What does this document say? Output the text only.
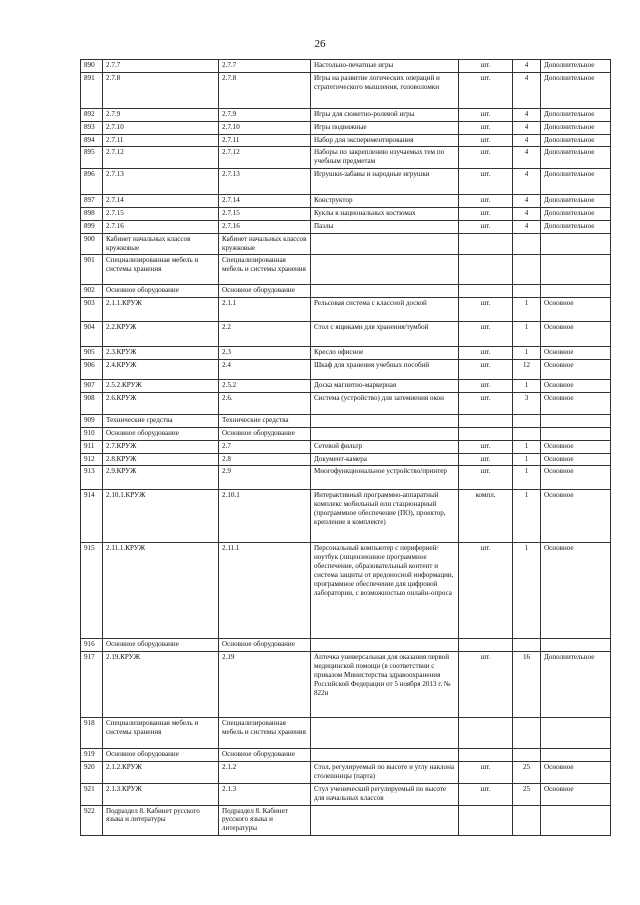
26
890	2.7.7	2.7.7	Настольно-печатные игры	шт.	4	Дополнительное
891	2.7.8	2.7.8	Игры на развитие логических операций и стратегического мышления, головоломки	шт.	4	Дополнительное
892	2.7.9	2.7.9	Игры для сюжетно-ролевой игры	шт.	4	Дополнительное
893	2.7.10	2.7.10	Игры подвижные	шт.	4	Дополнительное
894	2.7.11	2.7.11	Набор для экспериментирования	шт.	4	Дополнительное
895	2.7.12	2.7.12	Наборы по закреплению изучаемых тем по учебным предметам	шт.	4	Дополнительное
896	2.7.13	2.7.13	Игрушки-забавы и народные игрушки	шт.	4	Дополнительное
897	2.7.14	2.7.14	Конструктор	шт.	4	Дополнительное
898	2.7.15	2.7.15	Куклы в национальных костюмах	шт.	4	Дополнительное
899	2.7.16	2.7.16	Пазлы	шт.	4	Дополнительное
900	Кабинет начальных классов кружковые	Кабинет начальных классов кружковые				
901	Специализированная мебель и системы хранения	Специализированная мебель и системы хранения				
902	Основное оборудование	Основное оборудование				
903	2.1.1.КРУЖ	2.1.1	Рельсовая система с классной доской	шт.	1	Основное
904	2.2.КРУЖ	2.2	Стол с ящиками для хранения/тумбой	шт.	1	Основное
905	2.3.КРУЖ	2.3	Кресло офисное	шт.	1	Основное
906	2.4.КРУЖ	2.4	Шкаф для хранения учебных пособий	шт.	12	Основное
907	2.5.2.КРУЖ	2.5.2	Доска магнитно-маркерная	шт.	1	Основное
908	2.6.КРУЖ	2.6.	Система (устройство) для затемнения окон	шт.	3	Основное
909	Технические средства	Технические средства				
910	Основное оборудование	Основное оборудование				
911	2.7.КРУЖ	2.7	Сетевой фильтр	шт.	1	Основное
912	2.8.КРУЖ	2.8	Документ-камера	шт.	1	Основное
913	2.9.КРУЖ	2.9	Многофункциональное устройство/принтер	шт.	1	Основное
914	2.10.1.КРУЖ	2.10.1	Интерактивный программно-аппаратный комплекс мобильный или стационарный (программное обеспечение (ПО), проектор, крепление в комплекте)	компл.	1	Основное
915	2.11.1.КРУЖ	2.11.1	Персональный компьютер с периферией/ноутбук (лицензионное программное обеспечение, образовательный контент и система защиты от вредоносной информации, программное обеспечение для цифровой лаборатории, с возможностью онлайн-опроса	шт.	1	Основное
916	Основное оборудование	Основное оборудование				
917	2.19.КРУЖ	2.19	Аптечка универсальная для оказания первой медицинской помощи (в соответствии с приказом Министерства здравоохранения Российской Федерации от 5 ноября 2013 г. № 822н	шт.	16	Дополнительное
918	Специализированная мебель и системы хранения	Специализированная мебель и системы хранения				
919	Основное оборудование	Основное оборудование				
920	2.1.2.КРУЖ	2.1.2	Стол, регулируемый по высоте и углу наклона столешницы (парта)	шт.	25	Основное
921	2.1.3.КРУЖ	2.1.3	Стул ученический регулируемый по высоте для начальных классов	шт.	25	Основное
922	Подраздел 8. Кабинет русского языка и литературы	Подраздел 8. Кабинет русского языка и литературы				
